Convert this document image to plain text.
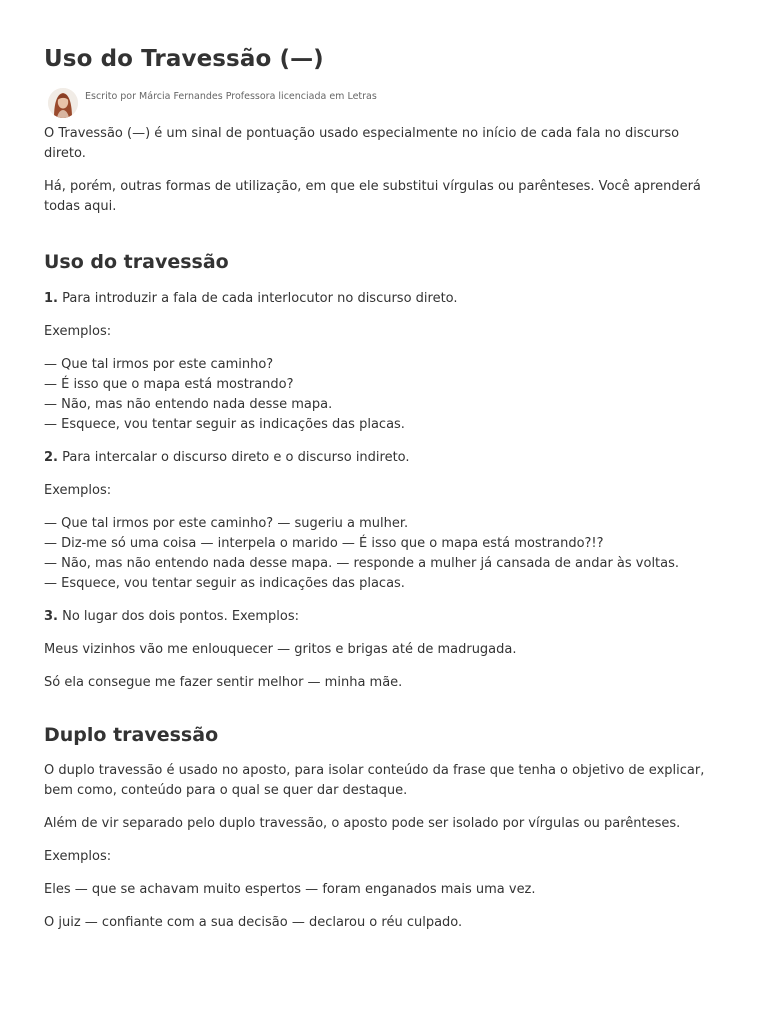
Uso do Travessão (—)
Escrito por Márcia Fernandes Professora licenciada em Letras

O Travessão (—) é um sinal de pontuação usado especialmente no início de cada fala no discurso direto.

Há, porém, outras formas de utilização, em que ele substitui vírgulas ou parênteses. Você aprenderá todas aqui.

Uso do travessão

1. Para introduzir a fala de cada interlocutor no discurso direto.

Exemplos:

— Que tal irmos por este caminho?

— É isso que o mapa está mostrando?

— Não, mas não entendo nada desse mapa.

— Esquece, vou tentar seguir as indicações das placas.

2. Para intercalar o discurso direto e o discurso indireto.

Exemplos:

— Que tal irmos por este caminho? — sugeriu a mulher.

— Diz-me só uma coisa — interpela o marido — É isso que o mapa está mostrando?!?

— Não, mas não entendo nada desse mapa. — responde a mulher já cansada de andar às voltas.

— Esquece, vou tentar seguir as indicações das placas.

3. No lugar dos dois pontos. Exemplos:

Meus vizinhos vão me enlouquecer — gritos e brigas até de madrugada.

Só ela consegue me fazer sentir melhor — minha mãe.

Duplo travessão

O duplo travessão é usado no aposto, para isolar conteúdo da frase que tenha o objetivo de explicar, bem como, conteúdo para o qual se quer dar destaque.

Além de vir separado pelo duplo travessão, o aposto pode ser isolado por vírgulas ou parênteses.

Exemplos:

Eles — que se achavam muito espertos — foram enganados mais uma vez.

O juiz — confiante com a sua decisão — declarou o réu culpado.
